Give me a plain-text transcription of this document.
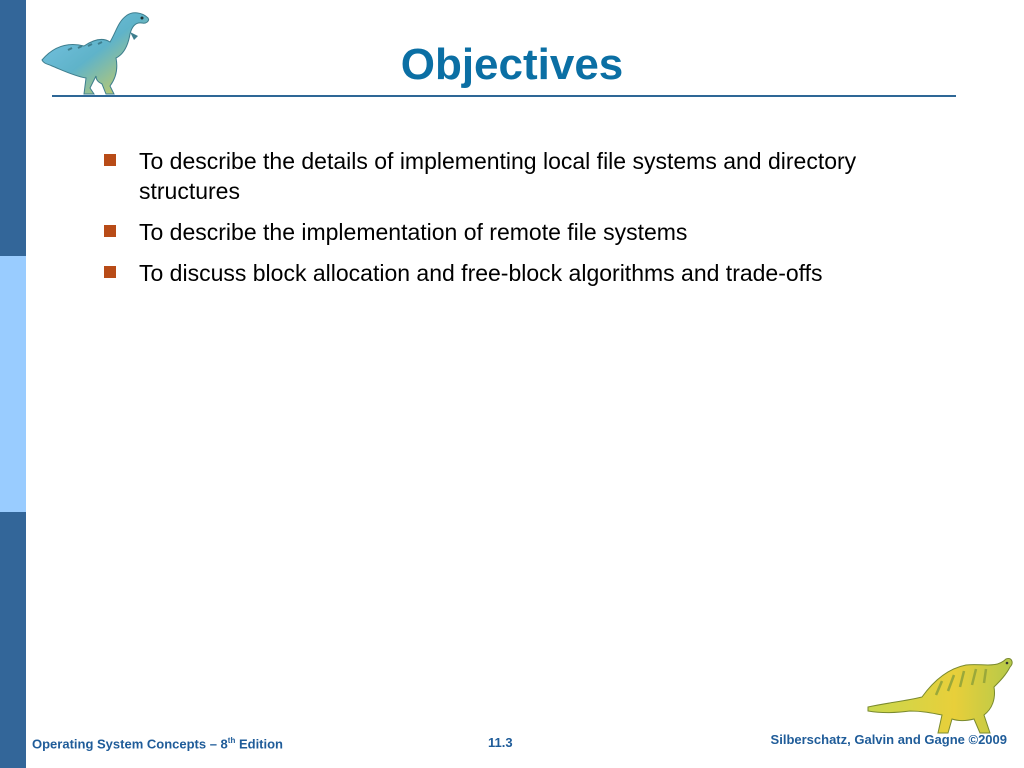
Objectives
To describe the details of implementing local file systems and directory structures
To describe the implementation of remote file systems
To discuss block allocation and free-block algorithms and trade-offs
Operating System Concepts – 8th Edition	11.3	Silberschatz, Galvin and Gagne ©2009
